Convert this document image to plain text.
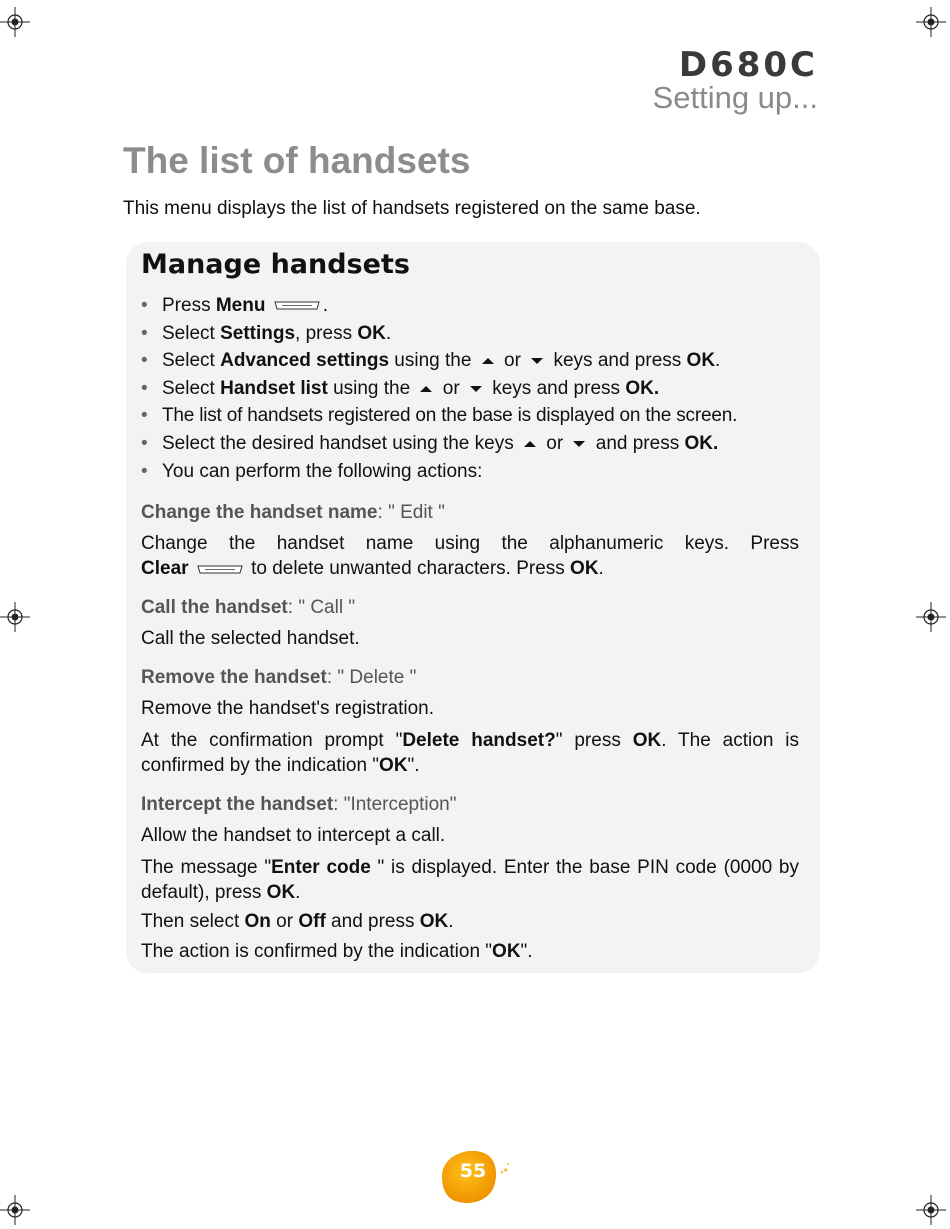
D680C
Setting up...
The list of handsets

This menu displays the list of handsets registered on the same base.

Manage handsets
• Press Menu	.
• Select Settings, press OK.
• Select Advanced settings using the or keys and press OK.
• Select Handset list using the or keys and press OK.
• The list of handsets registered on the base is displayed on the screen.
• Select the desired handset using the keys or and press OK.
• You can perform the following actions:
Change the handset name: " Edit "
Change the handset name using the alphanumeric keys. Press
Clear	to delete unwanted characters. Press OK.
Call the handset: " Call "
Call the selected handset.
Remove the handset: " Delete "
Remove the handset's registration.
At the confirmation prompt "Delete handset?" press OK. The action is confirmed by the indication "OK".
Intercept the handset: "Interception"
Allow the handset to intercept a call.
The message "Enter code " is displayed. Enter the base PIN code (0000 by default), press OK.
Then select On or Off and press OK.
The action is confirmed by the indication "OK".
55
